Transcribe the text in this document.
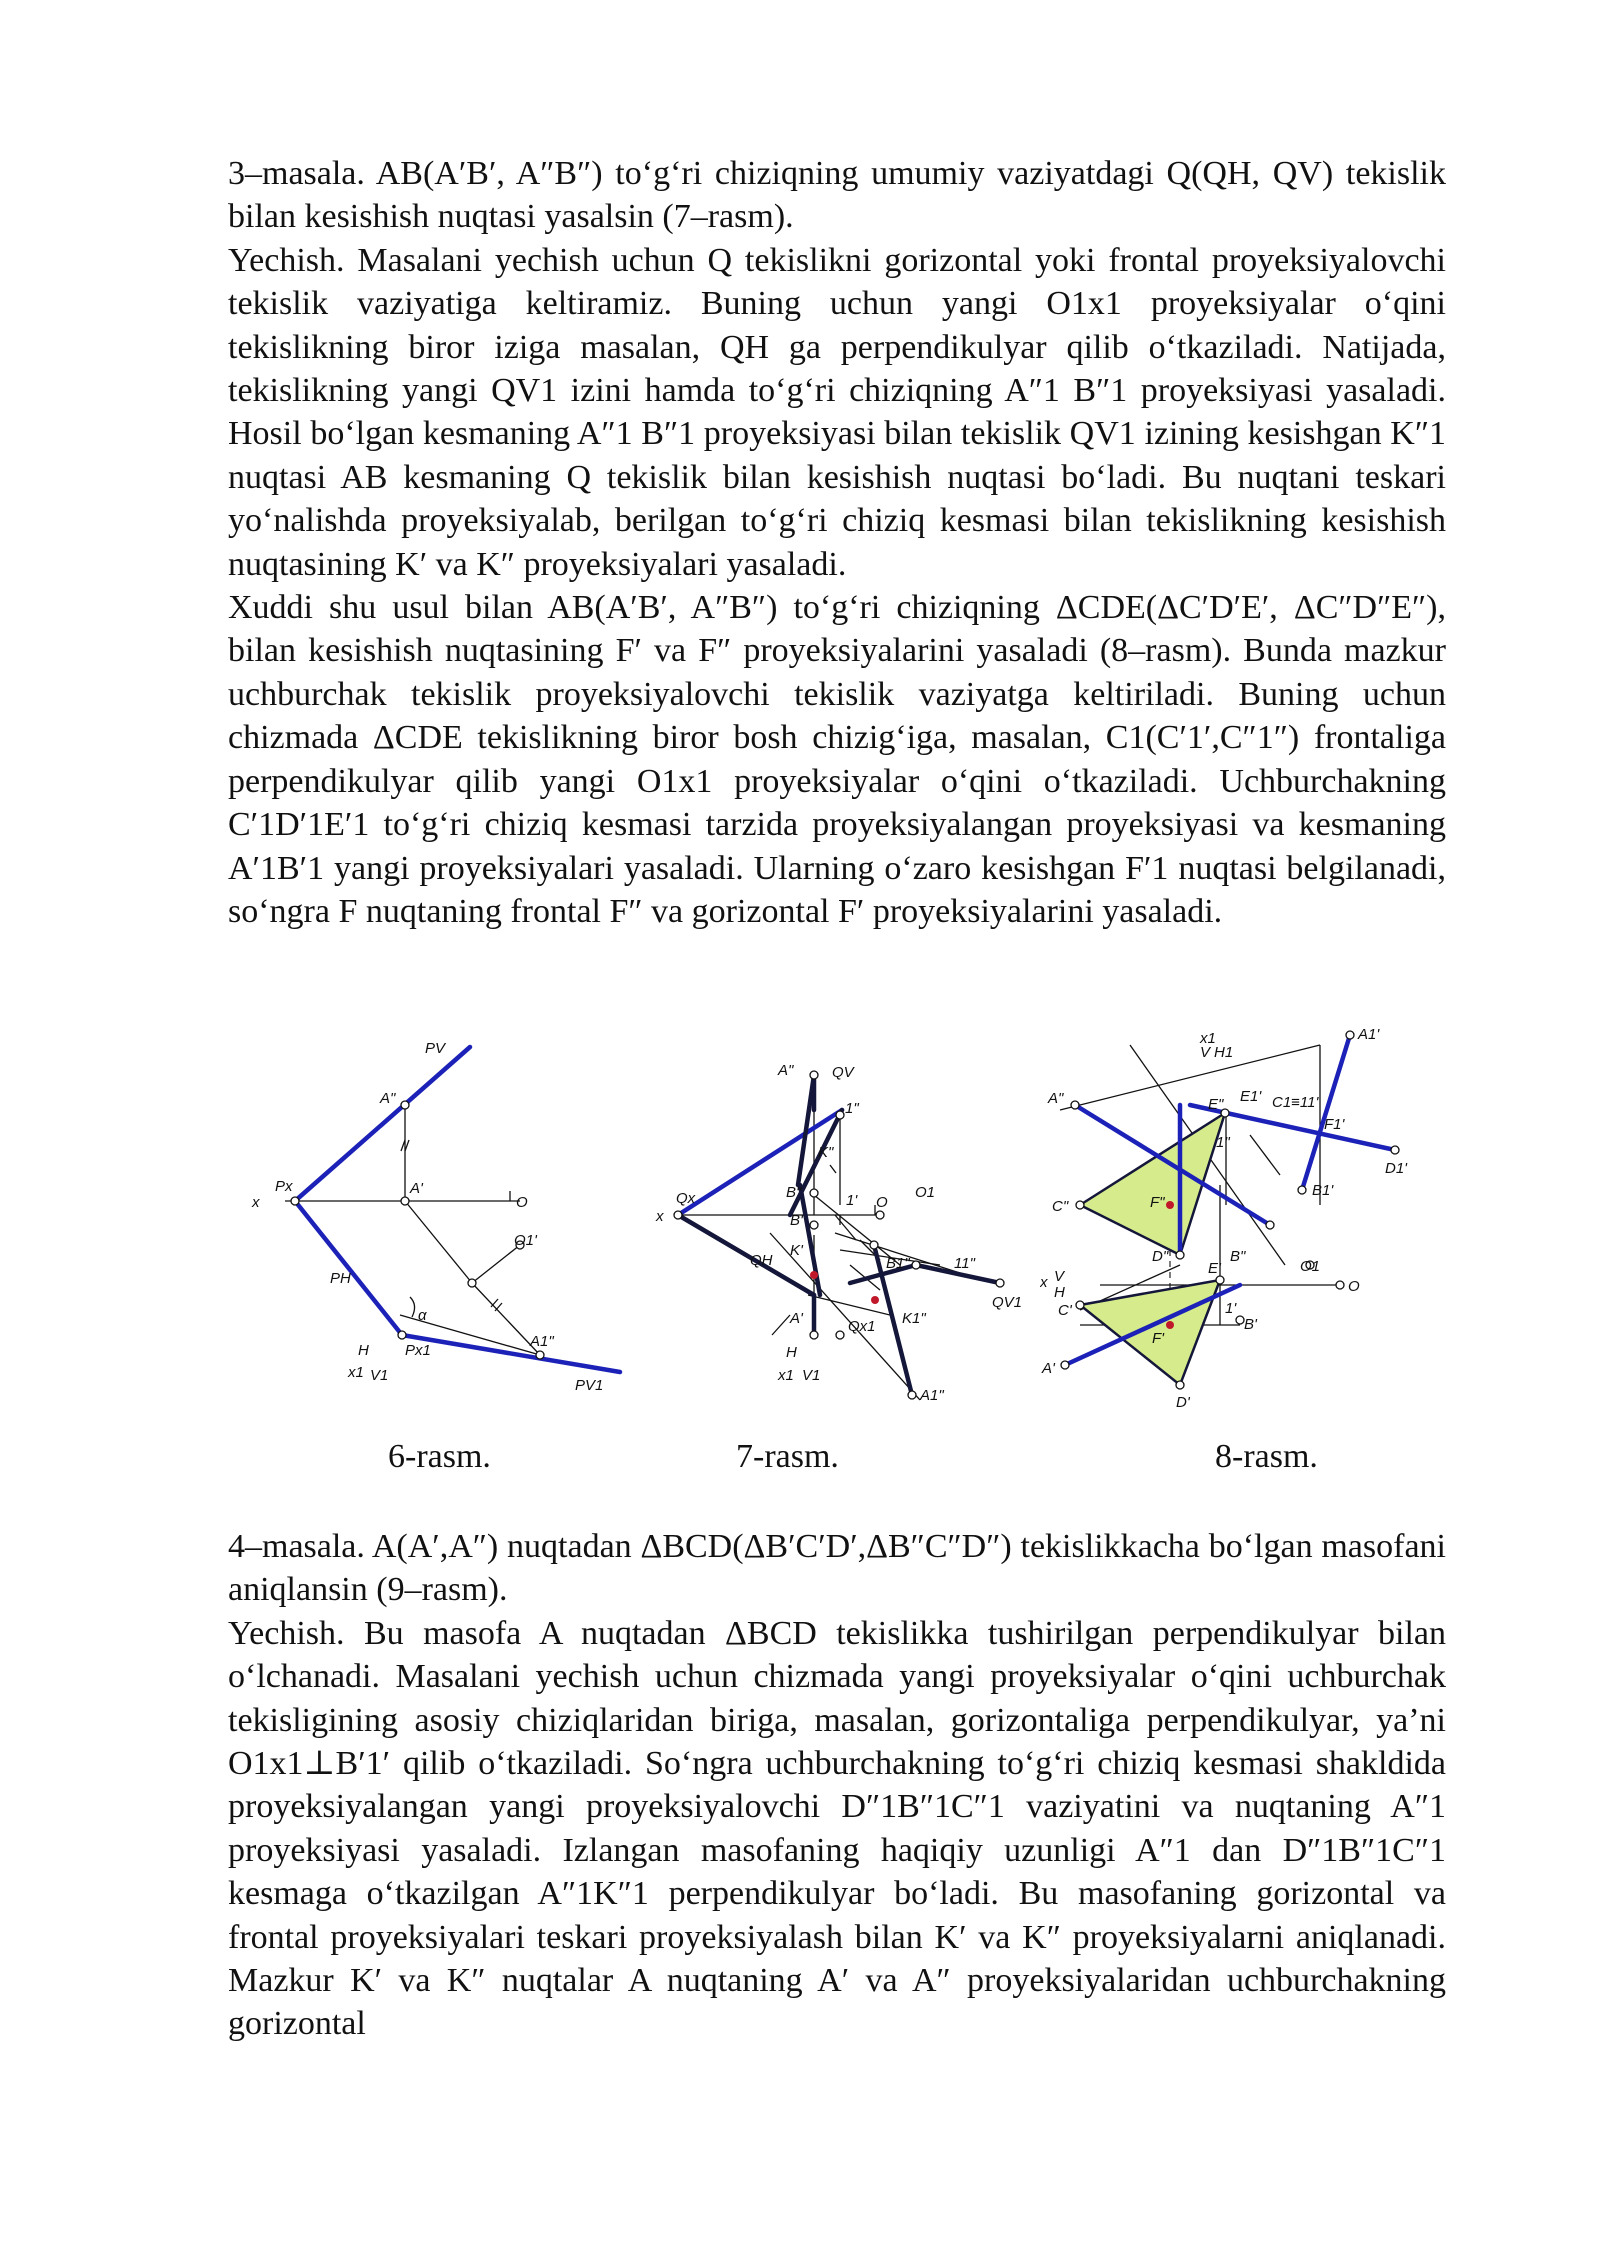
3–masala. AB(A′B′, A″B″) to‘g‘ri chiziqning umumiy vaziyatdagi Q(QH, QV) tekislik bilan kesishish nuqtasi yasalsin (7–rasm).

Yechish. Masalani yechish uchun Q tekislikni gorizontal yoki frontal proyeksiyalovchi tekislik vaziyatiga keltiramiz. Buning uchun yangi O1x1 proyeksiyalar o‘qini tekislikning biror iziga masalan, QH ga perpendikulyar qilib o‘tkaziladi. Natijada, tekislikning yangi QV1 izini hamda to‘g‘ri chiziqning A″1 B″1 proyeksiyasi yasaladi. Hosil bo‘lgan kesmaning A″1 B″1 proyeksiyasi bilan tekislik QV1 izining kesishgan K″1 nuqtasi AB kesmaning Q tekislik bilan kesishish nuqtasi bo‘ladi. Bu nuqtani teskari yo‘nalishda proyeksiyalab, berilgan to‘g‘ri chiziq kesmasi bilan tekislikning kesishish nuqtasining K′ va K″ proyeksiyalari yasaladi.

Xuddi shu usul bilan AB(A′B′, A″B″) to‘g‘ri chiziqning ΔCDE(ΔC′D′E′, ΔC″D″E″), bilan kesishish nuqtasining F′ va F″ proyeksiyalarini yasaladi (8–rasm). Bunda mazkur uchburchak tekislik proyeksiyalovchi tekislik vaziyatga keltiriladi. Buning uchun chizmada ΔCDE tekislikning biror bosh chizig‘iga, masalan, C1(C′1′,C″1″) frontaliga perpendikulyar qilib yangi O1x1 proyeksiyalar o‘qini o‘tkaziladi. Uchburchakning C′1D′1E′1 to‘g‘ri chiziq kesmasi tarzida proyeksiyalangan proyeksiyasi va kesmaning A′1B′1 yangi proyeksiyalari yasaladi. Ularning o‘zaro kesishgan F′1 nuqtasi belgilanadi, so‘ngra F nuqtaning frontal F″ va gorizontal F′ proyeksiyalarini yasaladi.

PV
A"
A'
Px
x	O
O1'
PH
α
A1"
Px1
H
x1 V1
PV1
A"	QV
1"
K"
Qx
x
B"	1' O
O1
B'
K'
QH	B1"	11"
A'	Qx1 K1"
QV1
H
x1 V1
A1"
x1
V H1
A1'
A"	E" E1' C1≡11'
F1'
1"
D1'
C"	F"
B1'
D"	B"
E'	O1
x V
H	O
C'	1'
B'
F'
A'
D'
6-rasm.	7-rasm.	8-rasm.

4–masala. A(A′,A″) nuqtadan ΔBCD(ΔB′C′D′,ΔB″C″D″) tekislikkacha bo‘lgan masofani aniqlansin (9–rasm).

Yechish. Bu masofa A nuqtadan ΔBCD tekislikka tushirilgan perpendikulyar bilan o‘lchanadi. Masalani yechish uchun chizmada yangi proyeksiyalar o‘qini uchburchak tekisligining asosiy chiziqlaridan biriga, masalan, gorizontaliga perpendikulyar, ya’ni O1x1⊥B′1′ qilib o‘tkaziladi. So‘ngra uchburchakning to‘g‘ri chiziq kesmasi shakldida proyeksiyalangan yangi proyeksiyalovchi D″1B″1C″1 vaziyatini va nuqtaning A″1 proyeksiyasi yasaladi. Izlangan masofaning haqiqiy uzunligi A″1 dan D″1B″1C″1 kesmaga o‘tkazilgan A″1K″1 perpendikulyar bo‘ladi. Bu masofaning gorizontal va frontal proyeksiyalari teskari proyeksiyalash bilan K′ va K″ proyeksiyalarni aniqlanadi. Mazkur K′ va K″ nuqtalar A nuqtaning A′ va A″ proyeksiyalaridan uchburchakning gorizontal
